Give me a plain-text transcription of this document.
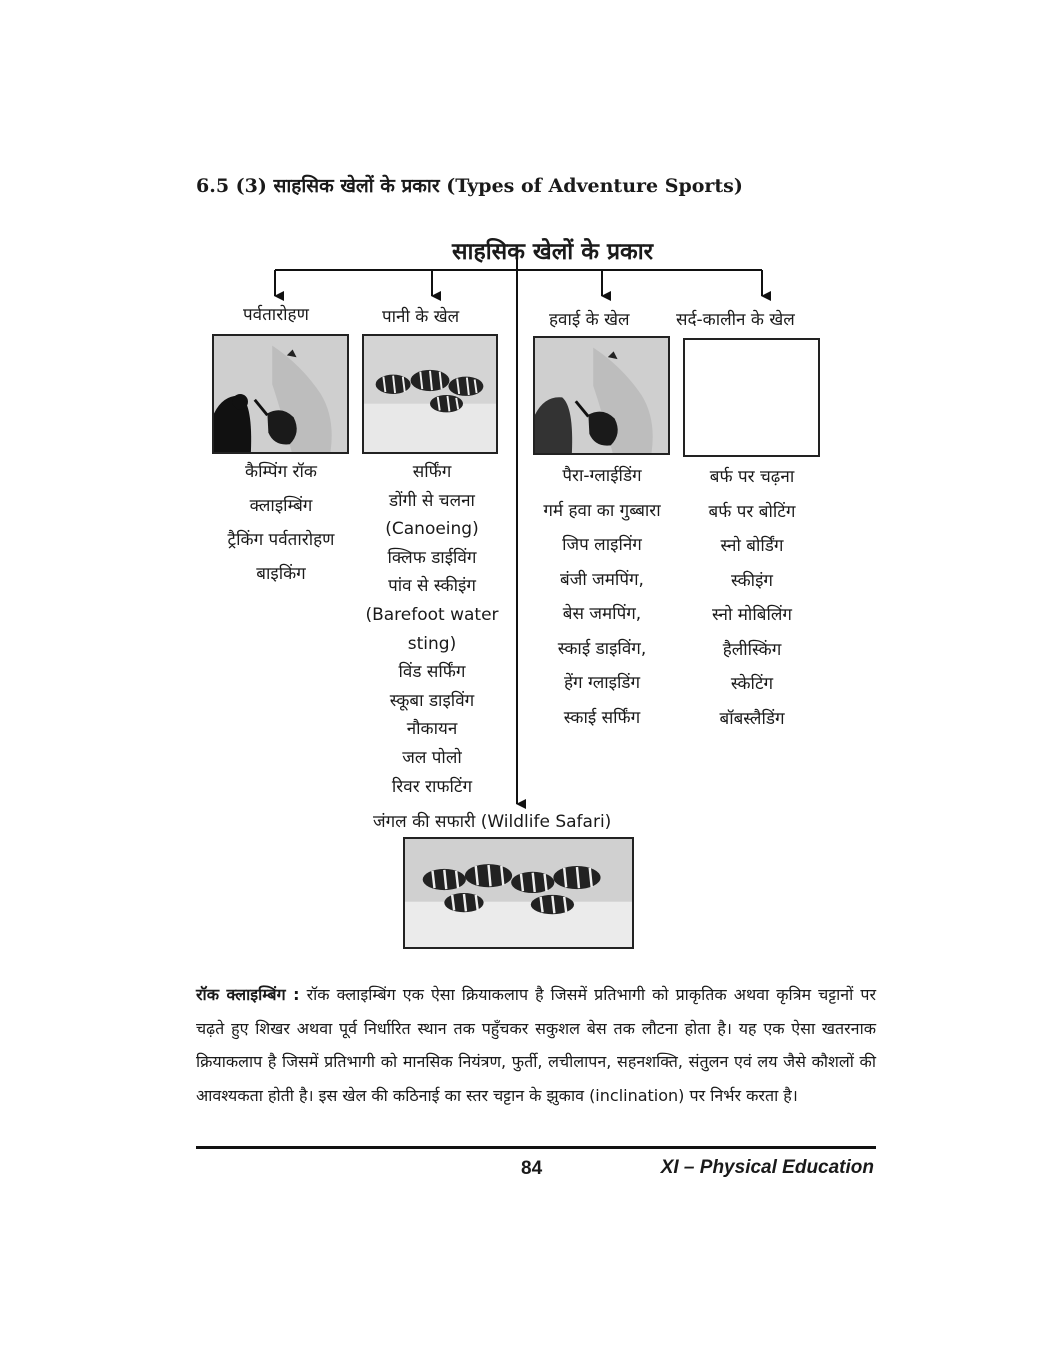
6.5 (3) साहसिक खेलों के प्रकार (Types of Adventure Sports)
साहसिक खेलों के प्रकार
पर्वतारोहण	पानी के खेल	हवाई के खेल	सर्द-कालीन के खेल
कैम्पिंग रॉक
क्लाइम्बिंग
ट्रैकिंग पर्वतारोहण
बाइकिंग
सर्फिंग
डोंगी से चलना
(Canoeing)
क्लिफ डाईविंग
पांव से स्कीइंग
(Barefoot water
sting)
विंड सर्फिंग
स्कूबा डाइविंग
नौकायन
जल पोलो
रिवर राफटिंग
पैरा-ग्लाईडिंग
गर्म हवा का गुब्बारा
जिप लाइनिंग
बंजी जमपिंग,
बेस जमपिंग,
स्काई डाइविंग,
हेंग ग्लाइडिंग
स्काई सर्फिंग
बर्फ पर चढ़ना
बर्फ पर बोटिंग
स्नो बोर्डिंग
स्कीइंग
स्नो मोबिलिंग
हैलीस्किंग
स्केटिंग
बॉबस्लैडिंग
जंगल की सफारी (Wildlife Safari)

रॉक क्लाइम्बिंग : रॉक क्लाइम्बिंग एक ऐसा क्रियाकलाप है जिसमें प्रतिभागी को प्राकृतिक अथवा कृत्रिम चट्टानों पर चढ़ते हुए शिखर अथवा पूर्व निर्धारित स्थान तक पहुँचकर सकुशल बेस तक लौटना होता है। यह एक ऐसा खतरनाक क्रियाकलाप है जिसमें प्रतिभागी को मानसिक नियंत्रण, फुर्ती, लचीलापन, सहनशक्ति, संतुलन एवं लय जैसे कौशलों की आवश्यकता होती है। इस खेल की कठिनाई का स्तर चट्टान के झुकाव (inclination) पर निर्भर करता है।

84	XI – Physical Education
